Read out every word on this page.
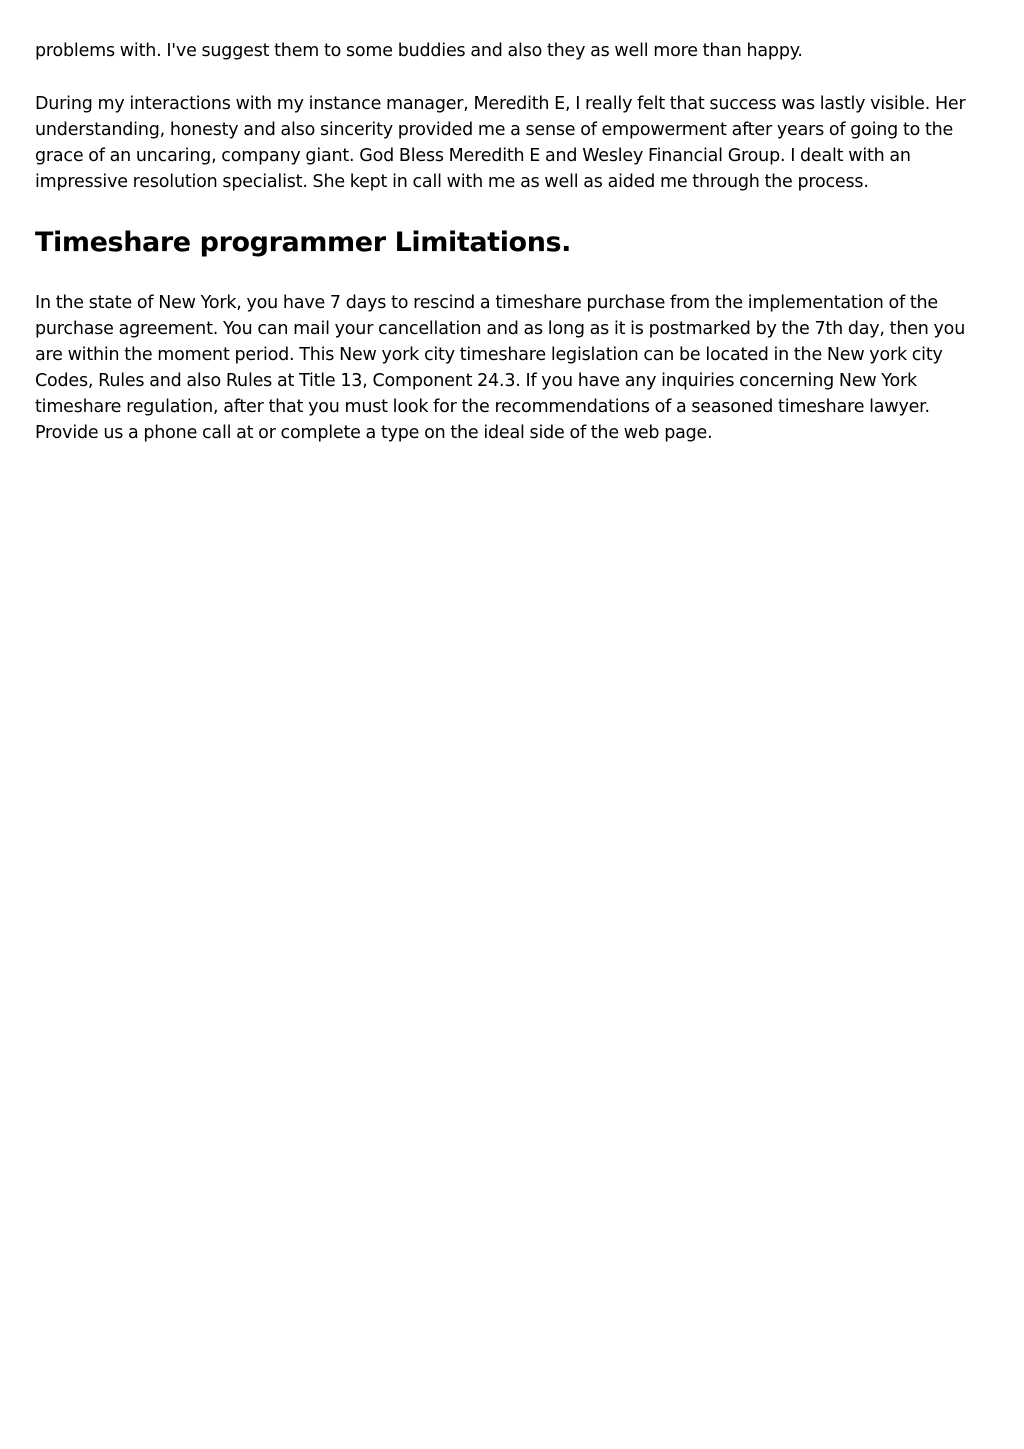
problems with. I've suggest them to some buddies and also they as well more than happy.

During my interactions with my instance manager, Meredith E, I really felt that success was lastly visible. Her understanding, honesty and also sincerity provided me a sense of empowerment after years of going to the grace of an uncaring, company giant. God Bless Meredith E and Wesley Financial Group. I dealt with an impressive resolution specialist. She kept in call with me as well as aided me through the process.

Timeshare programmer Limitations.

In the state of New York, you have 7 days to rescind a timeshare purchase from the implementation of the purchase agreement. You can mail your cancellation and as long as it is postmarked by the 7th day, then you are within the moment period. This New york city timeshare legislation can be located in the New york city Codes, Rules and also Rules at Title 13, Component 24.3. If you have any inquiries concerning New York timeshare regulation, after that you must look for the recommendations of a seasoned timeshare lawyer. Provide us a phone call at or complete a type on the ideal side of the web page.
